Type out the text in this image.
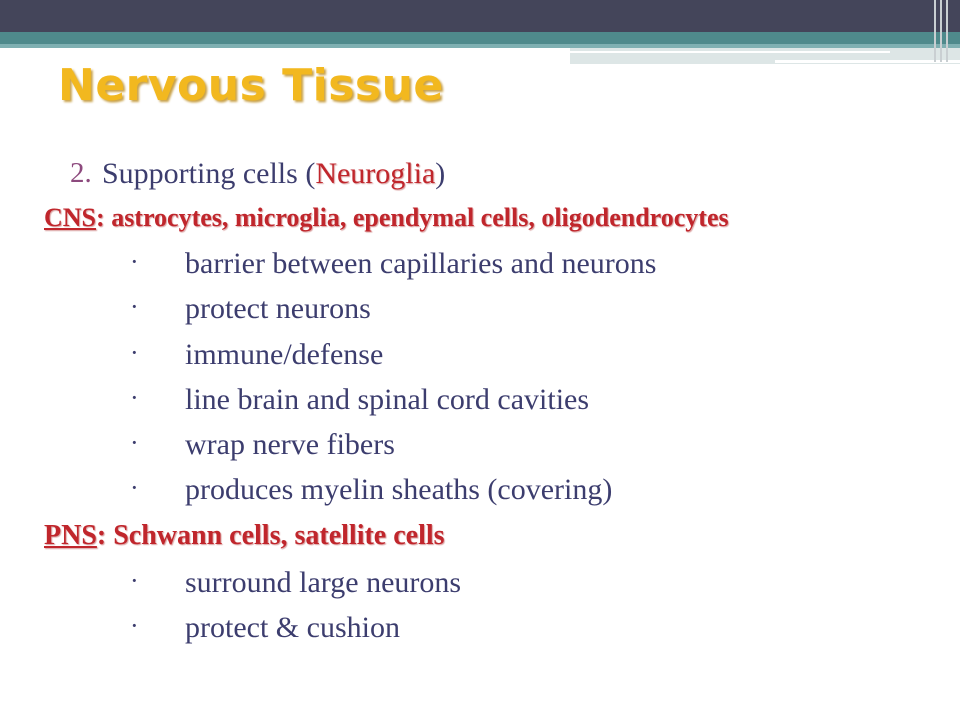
Nervous Tissue
2. Supporting cells (Neuroglia)
CNS: astrocytes, microglia, ependymal cells, oligodendrocytes
· barrier between capillaries and neurons
· protect neurons
· immune/defense
· line brain and spinal cord cavities
· wrap nerve fibers
· produces myelin sheaths (covering)
PNS: Schwann cells, satellite cells
· surround large neurons
· protect & cushion
